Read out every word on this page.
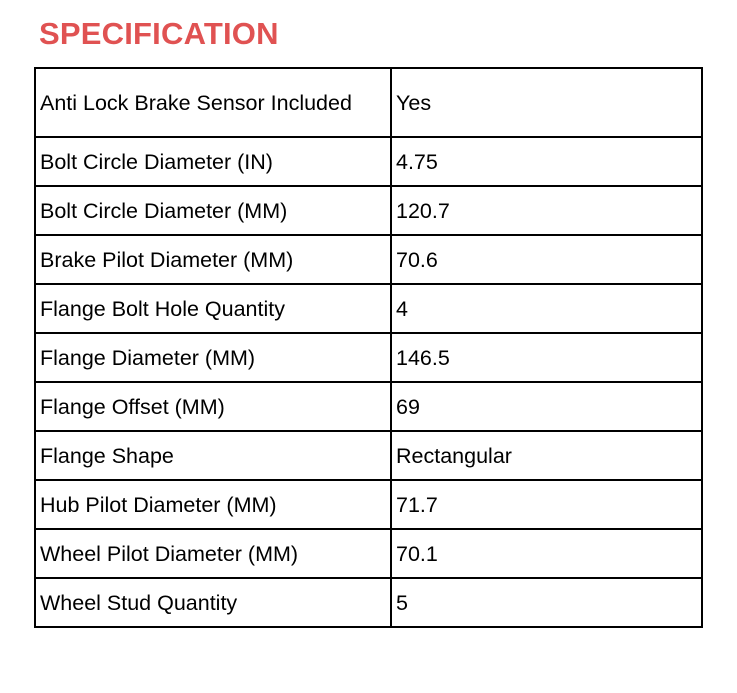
SPECIFICATION
Anti Lock Brake Sensor Included	Yes
Bolt Circle Diameter (IN)	4.75
Bolt Circle Diameter (MM)	120.7
Brake Pilot Diameter (MM)	70.6
Flange Bolt Hole Quantity	4
Flange Diameter (MM)	146.5
Flange Offset (MM)	69
Flange Shape	Rectangular
Hub Pilot Diameter (MM)	71.7
Wheel Pilot Diameter (MM)	70.1
Wheel Stud Quantity	5
